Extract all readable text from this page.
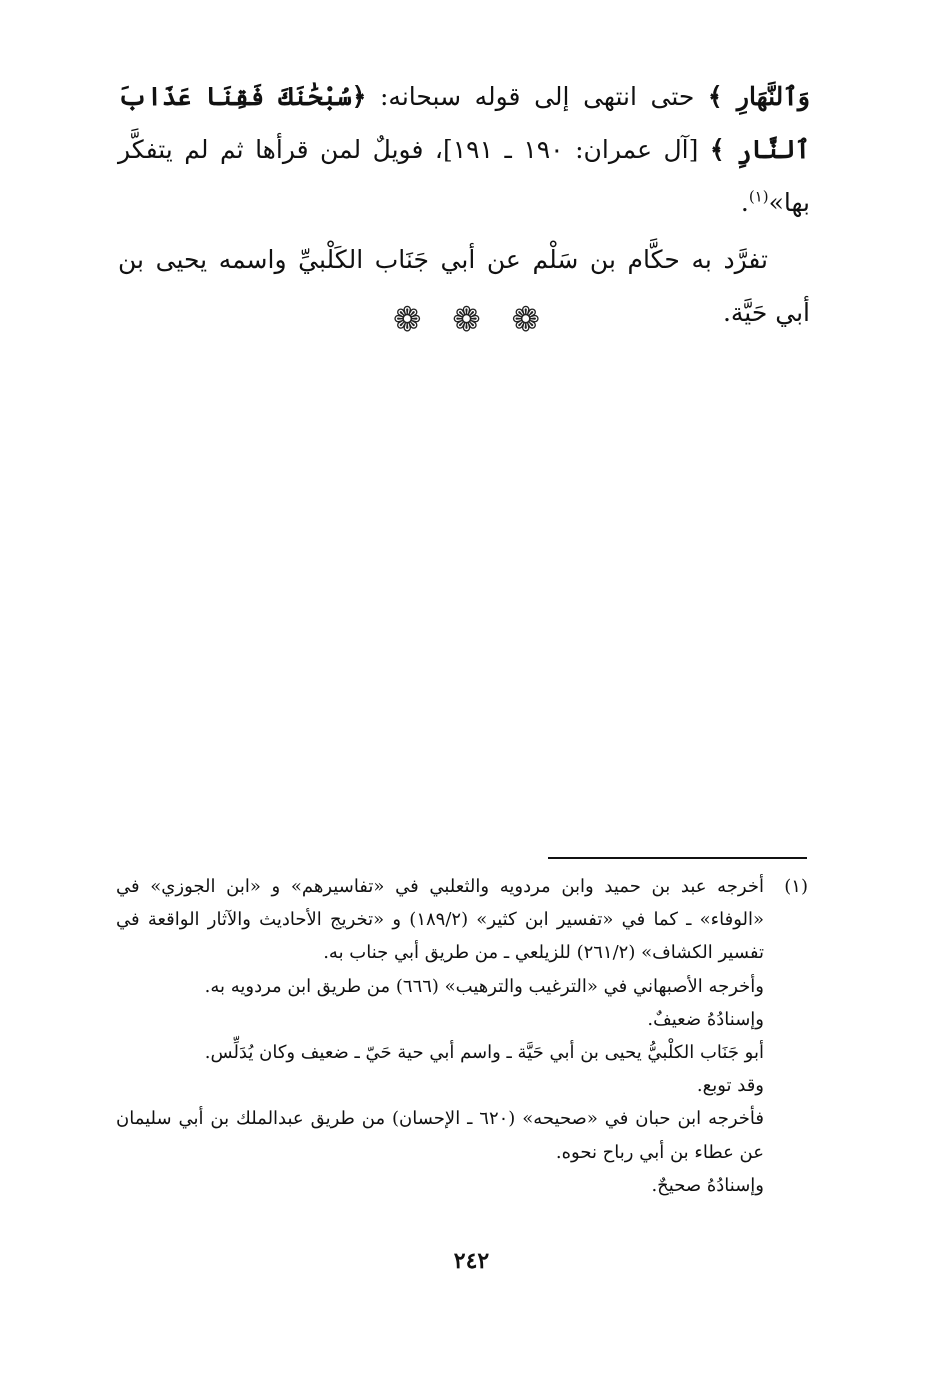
وَٱلنَّهَارِ ﴾ حتى انتهى إلى قوله سبحانه: ﴿سُبْحَٰنَكَ فَقِنَا عَذَابَ ٱلنَّارِ ﴾ [آل عمران: ١٩٠ ـ ١٩١]، فويلٌ لمن قرأها ثم لم يتفكَّر بها»$^{(١)}$.

تفرَّد به حكَّام بن سَلْم عن أبي جَنَاب الكَلْبيِّ واسمه يحيى بن أبي حَيَّة.

❁ ❁ ❁
(١)

أخرجه عبد بن حميد وابن مردويه والثعلبي في «تفاسيرهم» و «ابن الجوزي» في «الوفاء» ـ كما في «تفسير ابن كثير» (١٨٩/٢) و «تخريج الأحاديث والآثار الواقعة في تفسير الكشاف» (٢٦١/٢) للزيلعي ـ من طريق أبي جناب به.

وأخرجه الأصبهاني في «الترغيب والترهيب» (٦٦٦) من طريق ابن مردويه به.

وإسنادُهُ ضعيفٌ.

أبو جَنَاب الكلْبيُّ يحيى بن أبي حَيَّة ـ واسم أبي حية حَيّ ـ ضعيف وكان يُدَلِّس.

وقد توبع.

فأخرجه ابن حبان في «صحيحه» (٦٢٠ ـ الإحسان) من طريق عبدالملك بن أبي سليمان عن عطاء بن أبي رباح نحوه.

وإسنادُهُ صحيحٌ.

٢٤٢
